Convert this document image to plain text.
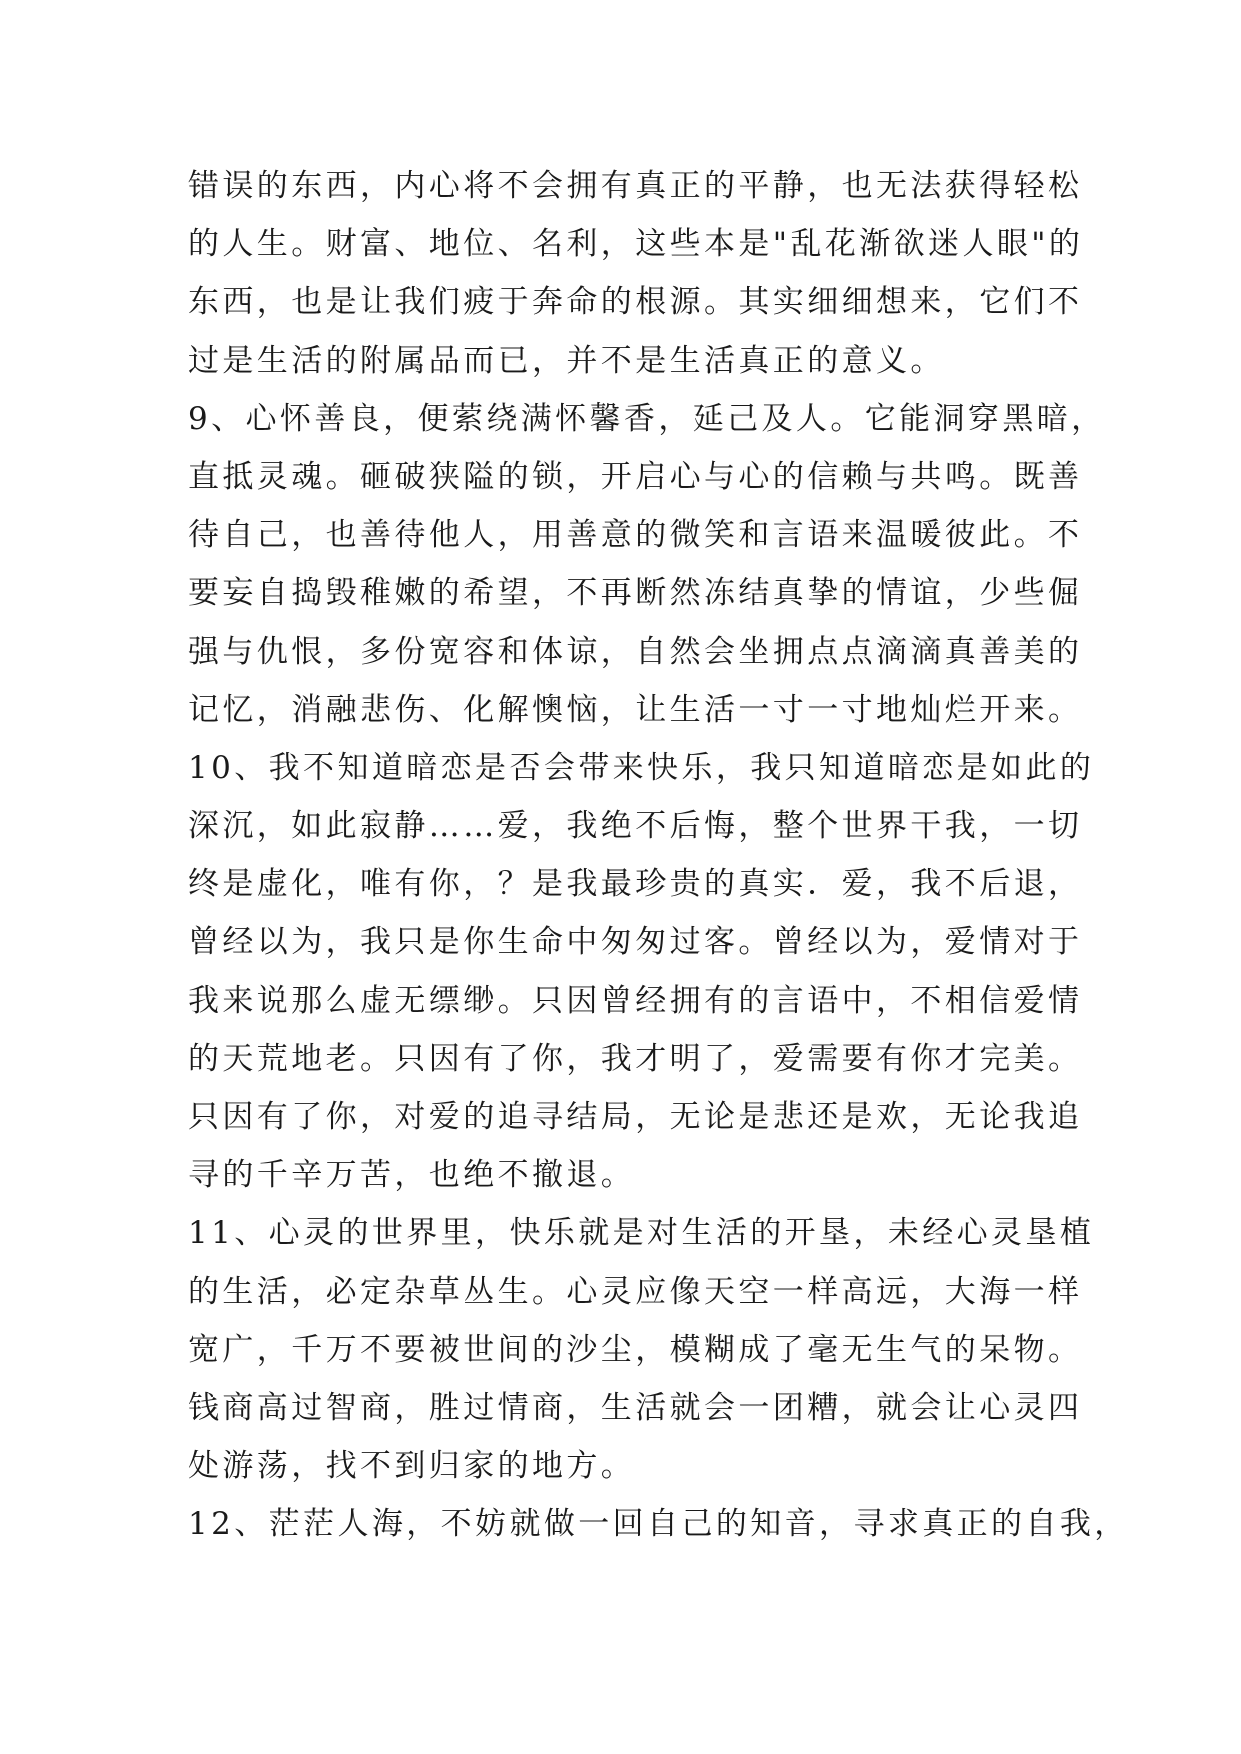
错误的东西，内心将不会拥有真正的平静，也无法获得轻松
的人生。财富、地位、名利，这些本是"乱花渐欲迷人眼"的
东西，也是让我们疲于奔命的根源。其实细细想来，它们不
过是生活的附属品而已，并不是生活真正的意义。
9、心怀善良，便萦绕满怀馨香，延己及人。它能洞穿黑暗，
直抵灵魂。砸破狭隘的锁，开启心与心的信赖与共鸣。既善
待自己，也善待他人，用善意的微笑和言语来温暖彼此。不
要妄自捣毁稚嫩的希望，不再断然冻结真挚的情谊，少些倔
强与仇恨，多份宽容和体谅，自然会坐拥点点滴滴真善美的
记忆，消融悲伤、化解懊恼，让生活一寸一寸地灿烂开来。
10、我不知道暗恋是否会带来快乐，我只知道暗恋是如此的
深沉，如此寂静……爱，我绝不后悔，整个世界干我，一切
终是虚化，唯有你，？是我最珍贵的真实．爱，我不后退，
曾经以为，我只是你生命中匆匆过客。曾经以为，爱情对于
我来说那么虚无缥缈。只因曾经拥有的言语中，不相信爱情
的天荒地老。只因有了你，我才明了，爱需要有你才完美。
只因有了你，对爱的追寻结局，无论是悲还是欢，无论我追
寻的千辛万苦，也绝不撤退。
11、心灵的世界里，快乐就是对生活的开垦，未经心灵垦植
的生活，必定杂草丛生。心灵应像天空一样高远，大海一样
宽广，千万不要被世间的沙尘，模糊成了毫无生气的呆物。
钱商高过智商，胜过情商，生活就会一团糟，就会让心灵四
处游荡，找不到归家的地方。
12、茫茫人海，不妨就做一回自己的知音，寻求真正的自我，
